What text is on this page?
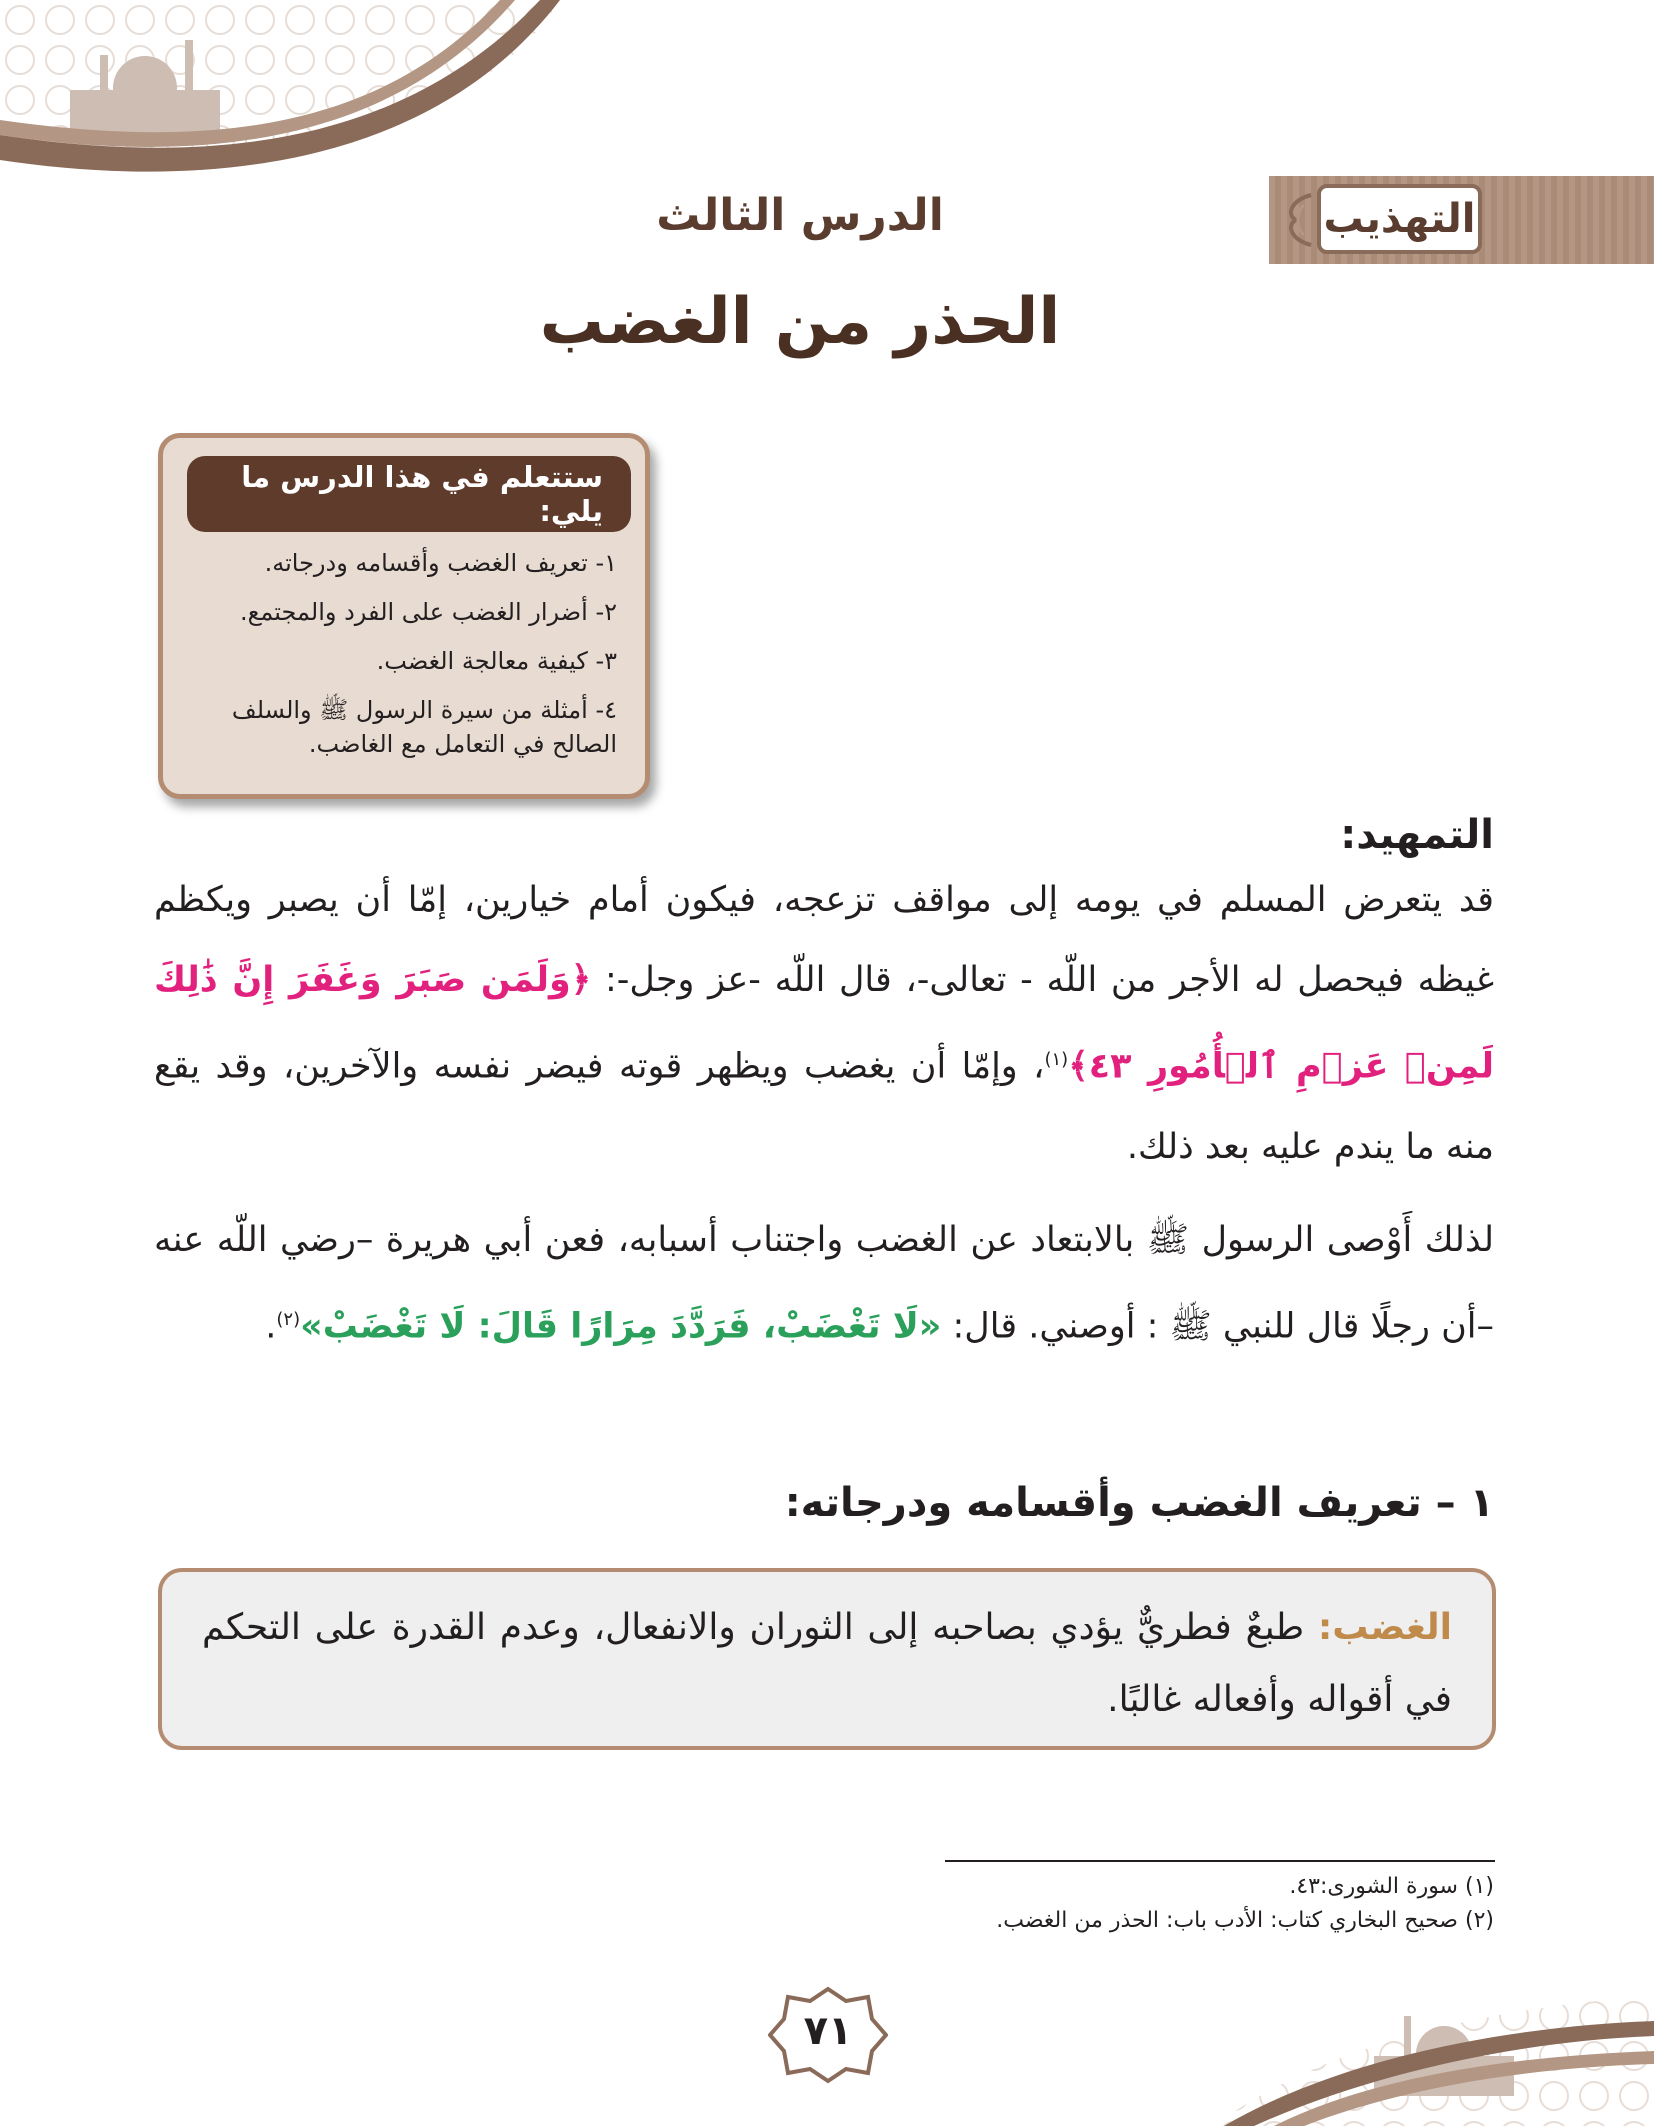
التهذيب
الدرس الثالث
الحذر من الغضب
ستتعلم في هذا الدرس ما يلي:
١- تعريف الغضب وأقسامه ودرجاته.
٢- أضرار الغضب على الفرد والمجتمع.
٣- كيفية معالجة الغضب.
٤- أمثلة من سيرة الرسول ﷺ والسلف الصالح في التعامل مع الغاضب.
التمهيد:
قد يتعرض المسلم في يومه إلى مواقف تزعجه، فيكون أمام خيارين، إمّا أن يصبر ويكظم غيظه فيحصل له الأجر من اللّه - تعالى-، قال اللّه -عز وجل-: ﴿وَلَمَن صَبَرَ وَغَفَرَ إِنَّ ذَٰلِكَ لَمِنۡ عَزۡمِ ٱلۡأُمُورِ ٤٣﴾$^{(١)}$، وإمّا أن يغضب ويظهر قوته فيضر نفسه والآخرين، وقد يقع منه ما يندم عليه بعد ذلك.
لذلك أَوْصى الرسول ﷺ بالابتعاد عن الغضب واجتناب أسبابه، فعن أبي هريرة –رضي اللّه عنه –أن رجلًا قال للنبي ﷺ : أوصني. قال: «لَا تَغْضَبْ، فَرَدَّدَ مِرَارًا قَالَ: لَا تَغْضَبْ»$^{(٢)}$.
١ – تعريف الغضب وأقسامه ودرجاته:
الغضب: طبعٌ فطريٌّ يؤدي بصاحبه إلى الثوران والانفعال، وعدم القدرة على التحكم في أقواله وأفعاله غالبًا.
(١) سورة الشورى:٤٣.
(٢) صحيح البخاري كتاب: الأدب باب: الحذر من الغضب.
٧١
